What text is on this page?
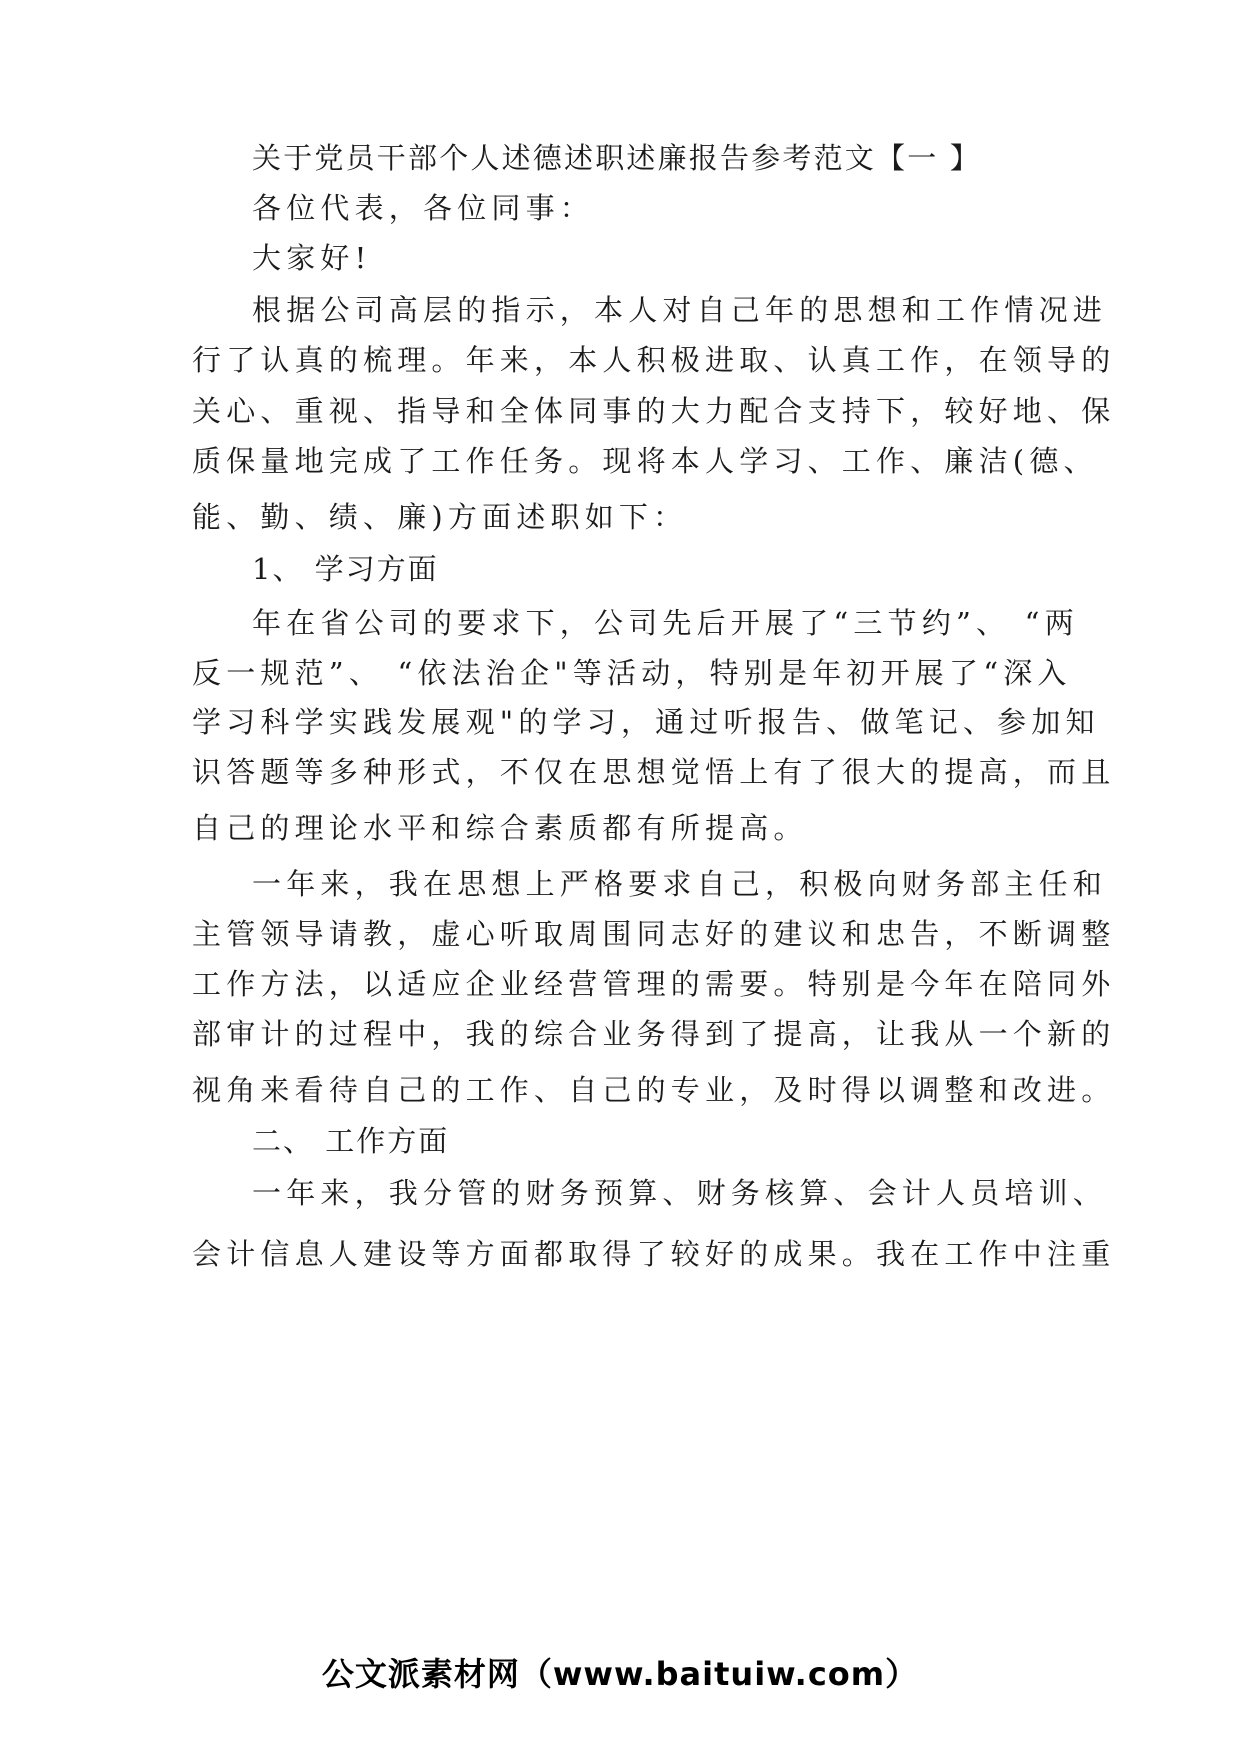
关于党员干部个人述德述职述廉报告参考范文【一 】
各位代表，各位同事：
大家好!
根据公司高层的指示，本人对自己年的思想和工作情况进
行了认真的梳理。年来，本人积极进取、认真工作，在领导的
关心、重视、指导和全体同事的大力配合支持下，较好地、保
质保量地完成了工作任务。现将本人学习、工作、廉洁(德、
能、勤、绩、廉)方面述职如下：
1、 学习方面
年在省公司的要求下，公司先后开展了“三节约”、 “两
反一规范”、 “依法治企"等活动，特别是年初开展了“深入
学习科学实践发展观"的学习，通过听报告、做笔记、参加知
识答题等多种形式，不仅在思想觉悟上有了很大的提高，而且
自己的理论水平和综合素质都有所提高。
一年来，我在思想上严格要求自己，积极向财务部主任和
主管领导请教，虚心听取周围同志好的建议和忠告，不断调整
工作方法，以适应企业经营管理的需要。特别是今年在陪同外
部审计的过程中，我的综合业务得到了提高，让我从一个新的
视角来看待自己的工作、自己的专业，及时得以调整和改进。
二、 工作方面
一年来，我分管的财务预算、财务核算、会计人员培训、
会计信息人建设等方面都取得了较好的成果。我在工作中注重
公文派素材网（www.baituiw.com）
